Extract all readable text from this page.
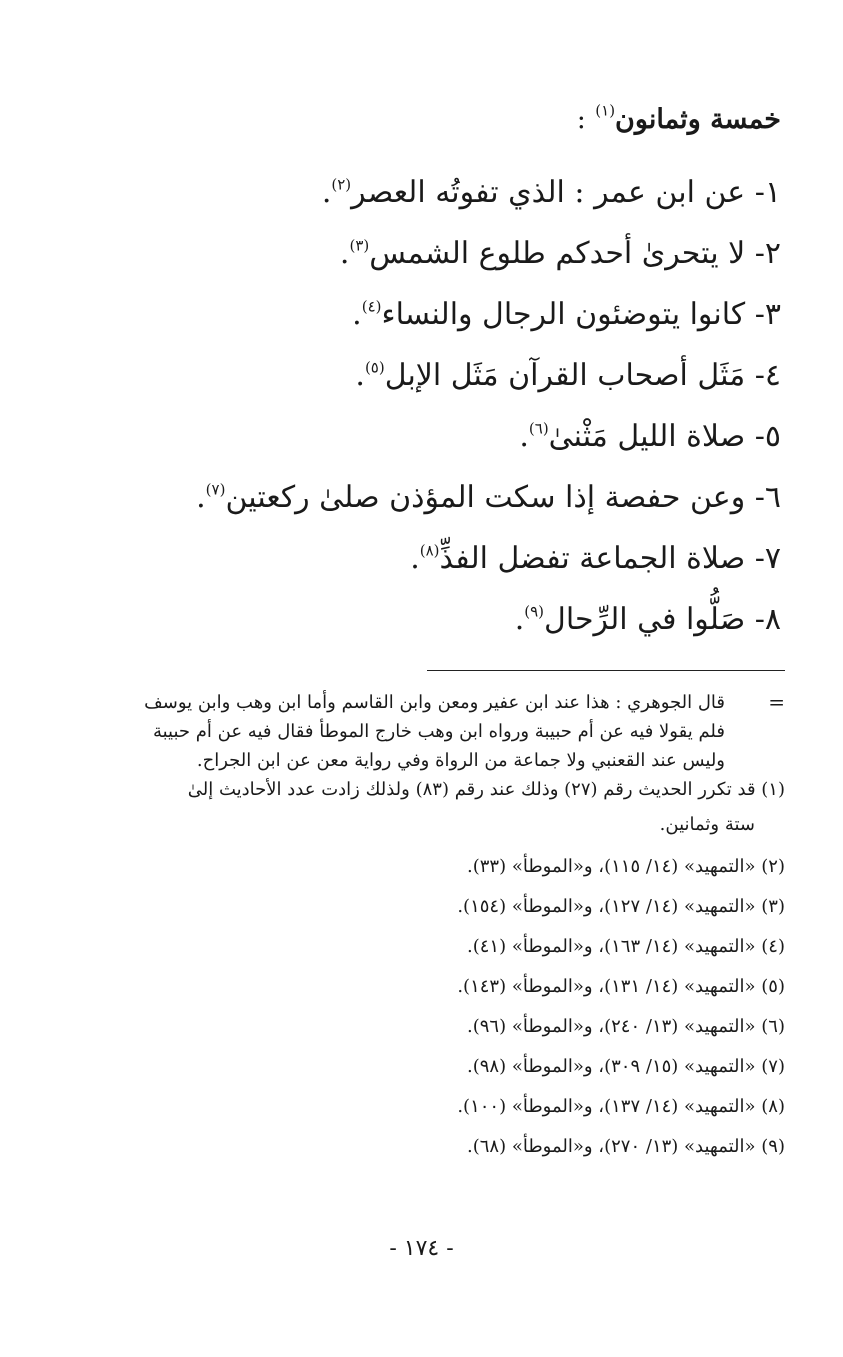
خمسة وثمانون$^{(١)}$ :
١- عن ابن عمر : الذي تفوتُه العصر$^{(٢)}$.
٢- لا يتحرىٰ أحدكم طلوع الشمس$^{(٣)}$.
٣- كانوا يتوضئون الرجال والنساء$^{(٤)}$.
٤- مَثَل أصحاب القرآن مَثَل الإبل$^{(٥)}$.
٥- صلاة الليل مَثْنىٰ$^{(٦)}$.
٦- وعن حفصة إذا سكت المؤذن صلىٰ ركعتين$^{(٧)}$.
٧- صلاة الجماعة تفضل الفذِّ$^{(٨)}$.
٨- صَلُّوا في الرِّحال$^{(٩)}$.
=
قال الجوهري : هذا عند ابن عفير ومعن وابن القاسم وأما ابن وهب وابن يوسف
فلم يقولا فيه عن أم حبيبة ورواه ابن وهب خارج الموطأ فقال فيه عن أم حبيبة
وليس عند القعنبي ولا جماعة من الرواة وفي رواية معن عن ابن الجراح.
(١) قد تكرر الحديث رقم (٢٧) وذلك عند رقم (٨٣) ولذلك زادت عدد الأحاديث إلىٰ
ستة وثمانين.

(٢) «التمهيد» (١٤/ ١١٥)، و«الموطأ» (٣٣).

(٣) «التمهيد» (١٤/ ١٢٧)، و«الموطأ» (١٥٤).

(٤) «التمهيد» (١٤/ ١٦٣)، و«الموطأ» (٤١).

(٥) «التمهيد» (١٤/ ١٣١)، و«الموطأ» (١٤٣).

(٦) «التمهيد» (١٣/ ٢٤٠)، و«الموطأ» (٩٦).

(٧) «التمهيد» (١٥/ ٣٠٩)، و«الموطأ» (٩٨).

(٨) «التمهيد» (١٤/ ١٣٧)، و«الموطأ» (١٠٠).

(٩) «التمهيد» (١٣/ ٢٧٠)، و«الموطأ» (٦٨).

- ١٧٤ -
